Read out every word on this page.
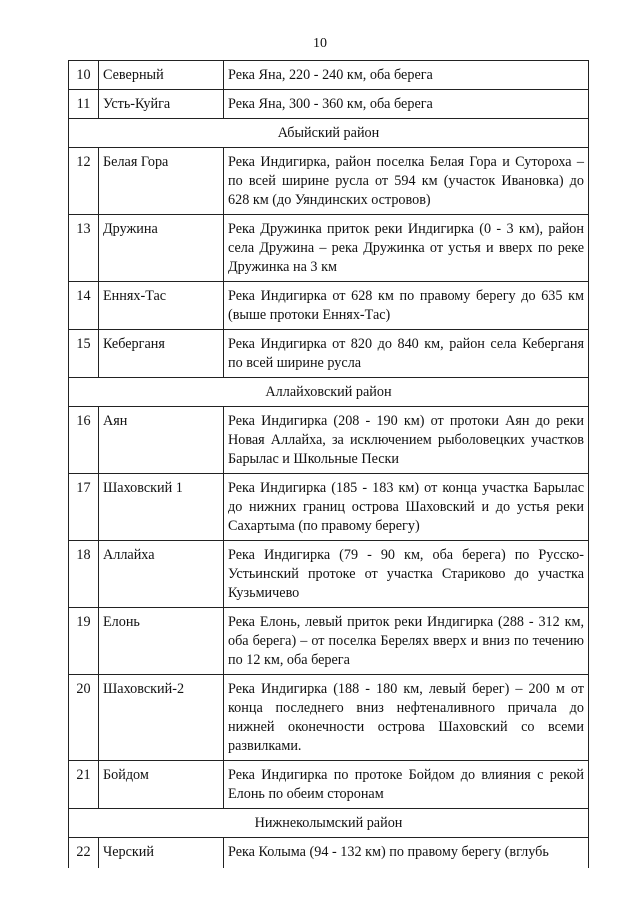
10
10	Северный	Река Яна, 220 - 240 км, оба берега

11	Усть-Куйга	Река Яна, 300 - 360 км, оба берега

Абыйский район		

12	Белая Гора	Река Индигирка, район поселка Белая Гора и Сутороха – по всей ширине русла от 594 км (участок Ивановка) до 628 км (до Уяндинских островов)

13	Дружина	Река Дружинка приток реки Индигирка (0 - 3 км), район села Дружина – река Дружинка от устья и вверх по реке Дружинка на 3 км

14	Еннях-Тас	Река Индигирка от 628 км по правому берегу до 635 км (выше протоки Еннях-Тас)

15	Кеберганя	Река Индигирка от 820 до 840 км, район села Кеберганя по всей ширине русла

Аллайховский район		

16	Аян	Река Индигирка (208 - 190 км) от протоки Аян до реки Новая Аллайха, за исключением рыболовецких участков Барылас и Школьные Пески

17	Шаховский 1	Река Индигирка (185 - 183 км) от конца участка Барылас до нижних границ острова Шаховский и до устья реки Сахартыма (по правому берегу)

18	Аллайха	Река Индигирка (79 - 90 км, оба берега) по Русско-Устьинский протоке от участка Стариково до участка Кузьмичево

19	Елонь	Река Елонь, левый приток реки Индигирка (288 - 312 км, оба берега) – от поселка Берелях вверх и вниз по течению по 12 км, оба берега

20	Шаховский-2	Река Индигирка (188 - 180 км, левый берег) – 200 м от конца последнего вниз нефтеналивного причала до нижней оконечности острова Шаховский со всеми развилками.

21	Бойдом	Река Индигирка по протоке Бойдом до влияния с рекой Елонь по обеим сторонам

Нижнеколымский район		

22	Черский	Река Колыма (94 - 132 км) по правому берегу (вглубь
